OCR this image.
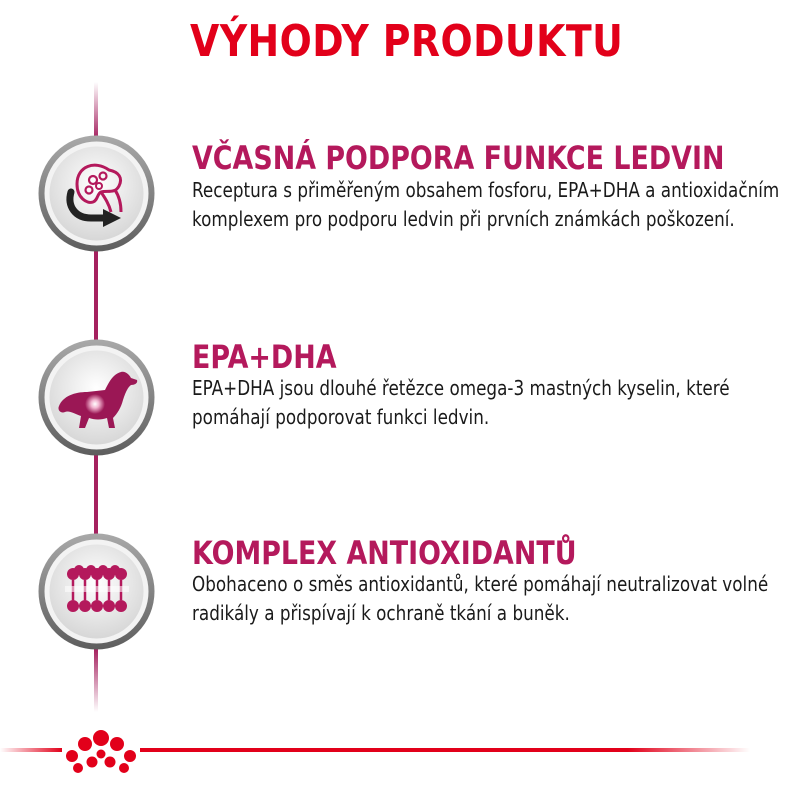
VÝHODY PRODUKTU
VČASNÁ PODPORA FUNKCE LEDVIN

Receptura s přiměřeným obsahem fosforu, EPA+DHA a antioxidačním komplexem pro podporu ledvin při prvních známkách poškození.

EPA+DHA

EPA+DHA jsou dlouhé řetězce omega-3 mastných kyselin, které pomáhají podporovat funkci ledvin.

KOMPLEX ANTIOXIDANTŮ

Obohaceno o směs antioxidantů, které pomáhají neutralizovat volné radikály a přispívají k ochraně tkání a buněk.
